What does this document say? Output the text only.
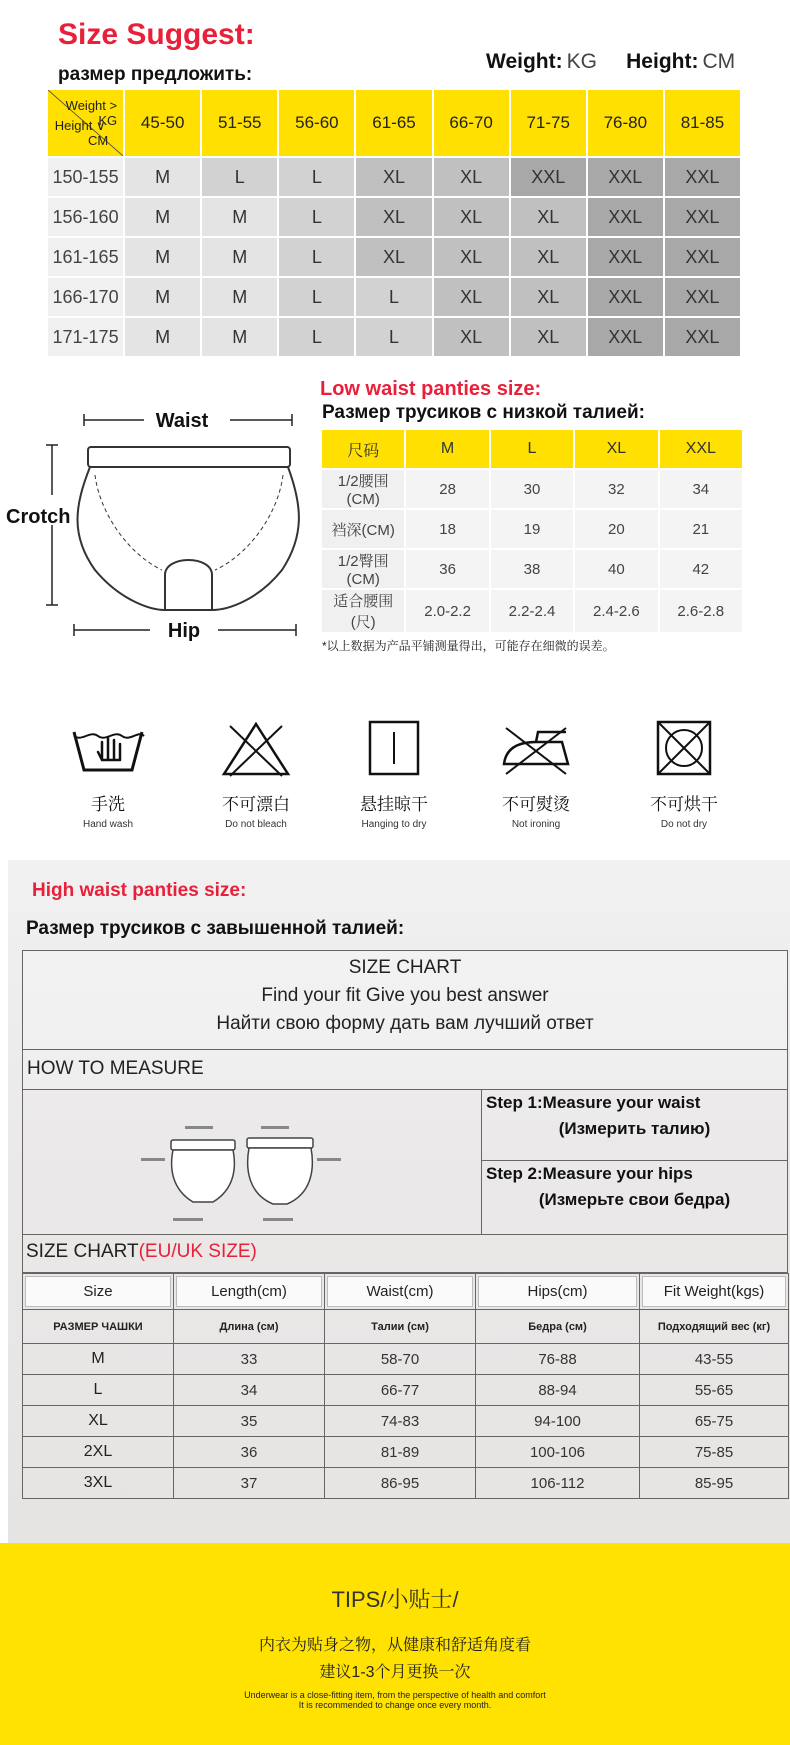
Size Suggest:
размер предложить:
Weight: KG Height: CM
Weight >
KG
Height ∨
CM	45-50	51-55	56-60	61-65	66-70	71-75	76-80	81-85
150-155	M	L	L	XL	XL	XXL	XXL	XXL
156-160	M	M	L	XL	XL	XL	XXL	XXL
161-165	M	M	L	XL	XL	XL	XXL	XXL
166-170	M	M	L	L	XL	XL	XXL	XXL
171-175	M	M	L	L	XL	XL	XXL	XXL
Waist
Crotch
Hip
Low waist panties size:
Размер трусиков с низкой талией:
尺码	M	L	XL	XXL
1/2腰围(CM)	28	30	32	34
裆深(CM)	18	19	20	21
1/2臀围(CM)	36	38	40	42
适合腰围(尺)	2.0-2.2	2.2-2.4	2.4-2.6	2.6-2.8
*以上数据为产品平铺测量得出，可能存在细微的误差。
手洗
Hand wash
不可漂白
Do not bleach
悬挂晾干
Hanging to dry
不可熨烫
Not ironing
不可烘干
Do not dry
High waist panties size:
Размер трусиков с завышенной талией:
SIZE CHART
Find your fit Give you best answer
Найти свою форму дать вам лучший ответ
HOW TO MEASURE
Step 1:Measure your waist
(Измерить талию)
Step 2:Measure your hips
(Измерьте свои бедра)
SIZE CHART(EU/UK SIZE)
Size	Length(cm)	Waist(cm)	Hips(cm)	Fit Weight(kgs)

РАЗМЕР ЧАШКИ	Длина (см)	Талии (см)	Бедра (см)	Подходящий вес (кг)
M	33	58-70	76-88	43-55
L	34	66-77	88-94	55-65
XL	35	74-83	94-100	65-75
2XL	36	81-89	100-106	75-85
3XL	37	86-95	106-112	85-95
TIPS/小贴士/
内衣为贴身之物，从健康和舒适角度看
建议1-3个月更换一次
Underwear is a close-fitting item, from the perspective of health and comfort
It is recommended to change once every month.
